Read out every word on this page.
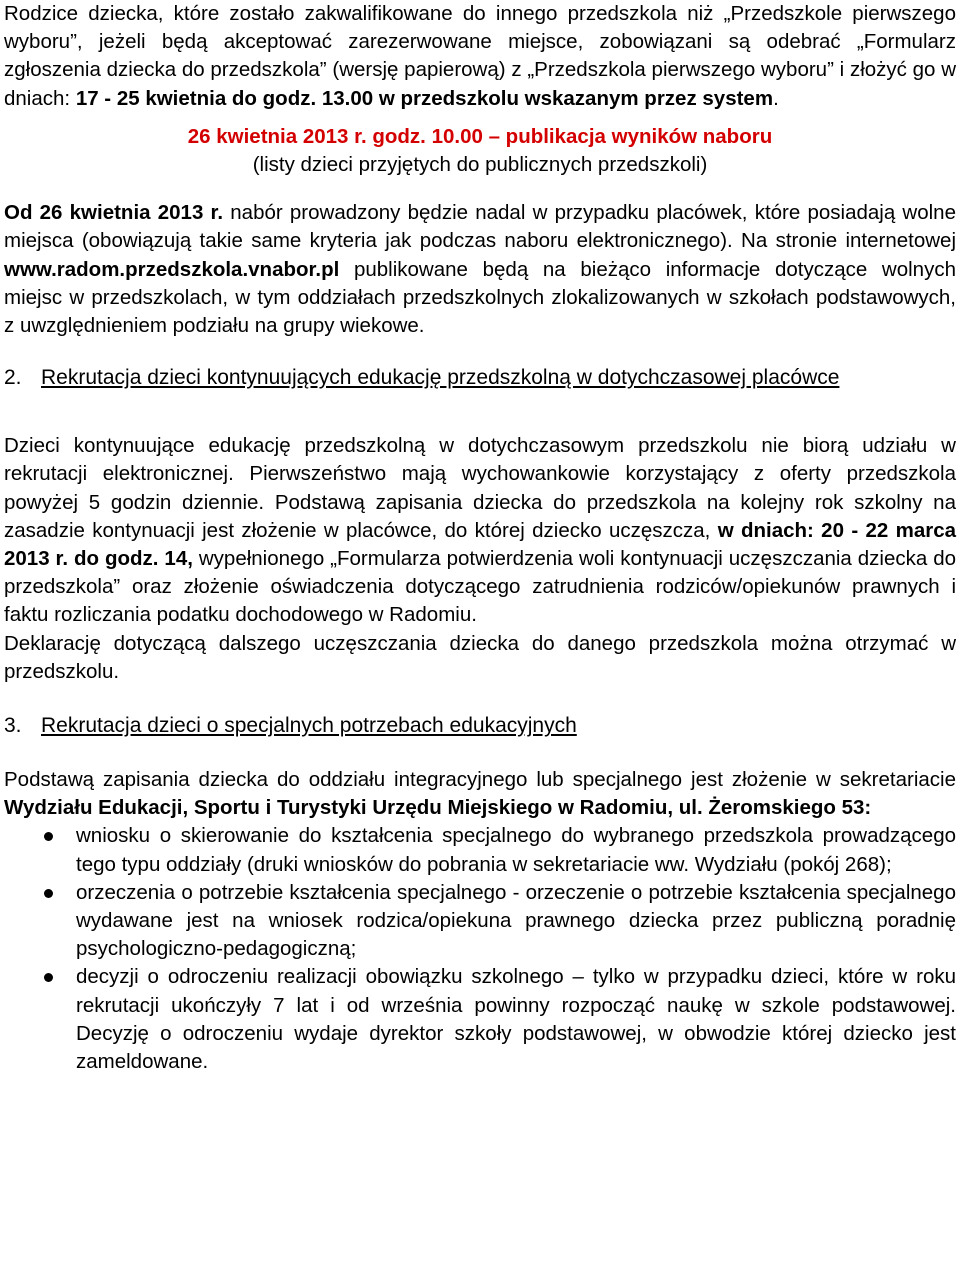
Rodzice dziecka, które zostało zakwalifikowane do innego przedszkola niż „Przedszkole pierwszego wyboru”, jeżeli będą akceptować zarezerwowane miejsce, zobowiązani są odebrać „Formularz zgłoszenia dziecka do przedszkola” (wersję papierową) z „Przedszkola pierwszego wyboru” i złożyć go w dniach: 17 - 25 kwietnia do godz. 13.00 w przedszkolu wskazanym przez system.

26 kwietnia 2013 r. godz. 10.00 – publikacja wyników naboru
(listy dzieci przyjętych do publicznych przedszkoli)

Od 26 kwietnia 2013 r. nabór prowadzony będzie nadal w przypadku placówek, które posiadają wolne miejsca (obowiązują takie same kryteria jak podczas naboru elektronicznego). Na stronie internetowej www.radom.przedszkola.vnabor.pl publikowane będą na bieżąco informacje dotyczące wolnych miejsc w przedszkolach, w tym oddziałach przedszkolnych zlokalizowanych w szkołach podstawowych, z uwzględnieniem podziału na grupy wiekowe.

2. Rekrutacja dzieci kontynuujących edukację przedszkolną w dotychczasowej placówce

Dzieci kontynuujące edukację przedszkolną w dotychczasowym przedszkolu nie biorą udziału w rekrutacji elektronicznej. Pierwszeństwo mają wychowankowie korzystający z oferty przedszkola powyżej 5 godzin dziennie. Podstawą zapisania dziecka do przedszkola na kolejny rok szkolny na zasadzie kontynuacji jest złożenie w placówce, do której dziecko uczęszcza, w dniach: 20 - 22 marca 2013 r. do godz. 14, wypełnionego „Formularza potwierdzenia woli kontynuacji uczęszczania dziecka do przedszkola” oraz złożenie oświadczenia dotyczącego zatrudnienia rodziców/opiekunów prawnych i faktu rozliczania podatku dochodowego w Radomiu.

Deklarację dotyczącą dalszego uczęszczania dziecka do danego przedszkola można otrzymać w przedszkolu.

3. Rekrutacja dzieci o specjalnych potrzebach edukacyjnych

Podstawą zapisania dziecka do oddziału integracyjnego lub specjalnego jest złożenie w sekretariacie Wydziału Edukacji, Sportu i Turystyki Urzędu Miejskiego w Radomiu, ul. Żeromskiego 53:

wniosku o skierowanie do kształcenia specjalnego do wybranego przedszkola prowadzącego tego typu oddziały (druki wniosków do pobrania w sekretariacie ww. Wydziału (pokój 268);
orzeczenia o potrzebie kształcenia specjalnego - orzeczenie o potrzebie kształcenia specjalnego wydawane jest na wniosek rodzica/opiekuna prawnego dziecka przez publiczną poradnię psychologiczno-pedagogiczną;
decyzji o odroczeniu realizacji obowiązku szkolnego – tylko w przypadku dzieci, które w roku rekrutacji ukończyły 7 lat i od września powinny rozpocząć naukę w szkole podstawowej. Decyzję o odroczeniu wydaje dyrektor szkoły podstawowej, w obwodzie której dziecko jest zameldowane.
